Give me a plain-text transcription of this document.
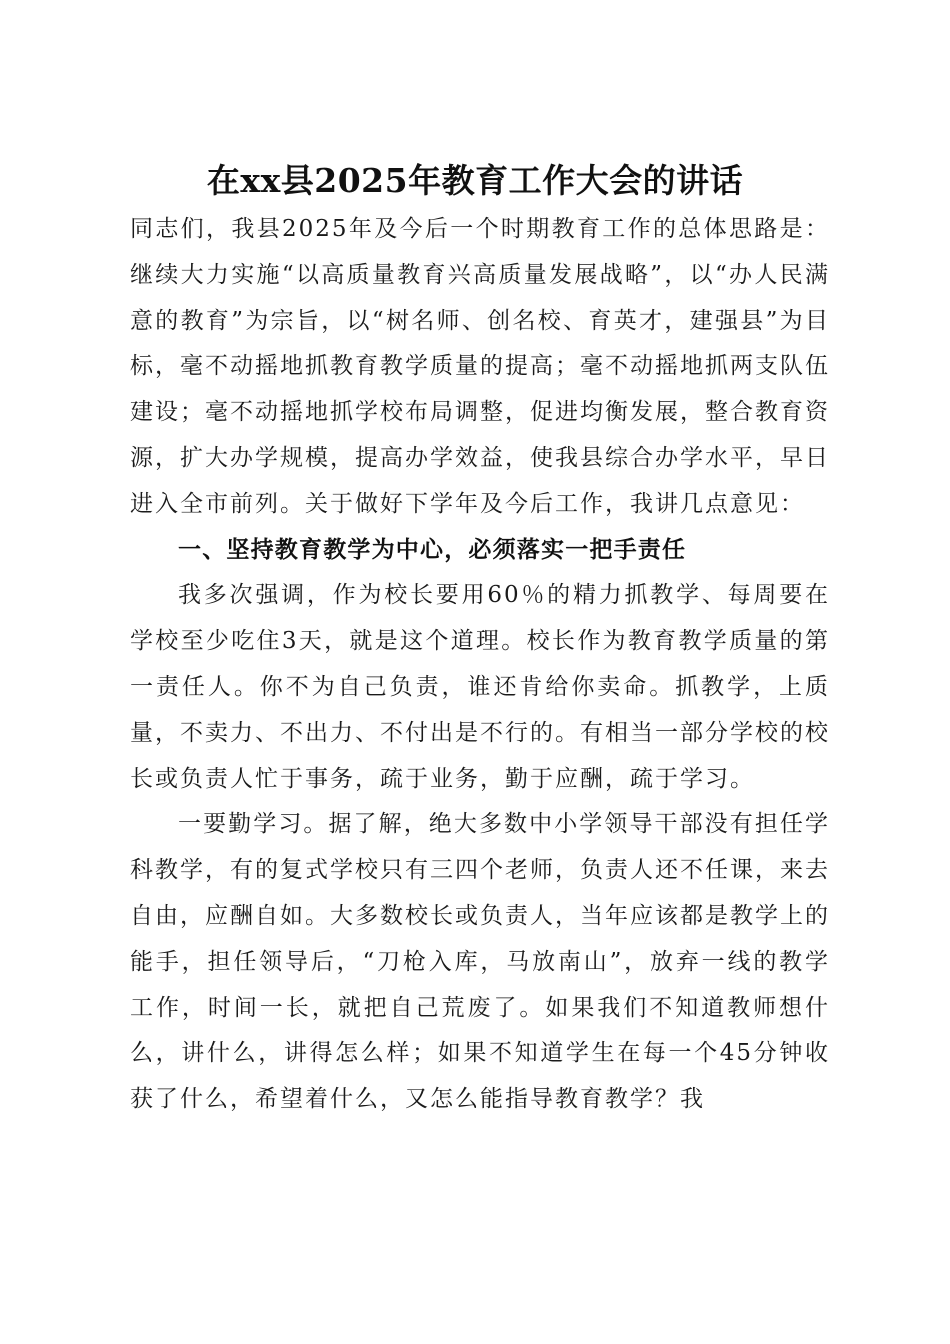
在xx县2025年教育工作大会的讲话

同志们，我县2025年及今后一个时期教育工作的总体思路是：继续大力实施“以高质量教育兴高质量发展战略”，以“办人民满意的教育”为宗旨，以“树名师、创名校、育英才，建强县”为目标，毫不动摇地抓教育教学质量的提高；毫不动摇地抓两支队伍建设；毫不动摇地抓学校布局调整，促进均衡发展，整合教育资源，扩大办学规模，提高办学效益，使我县综合办学水平，早日进入全市前列。关于做好下学年及今后工作，我讲几点意见：

一、坚持教育教学为中心，必须落实一把手责任

我多次强调，作为校长要用60％的精力抓教学、每周要在学校至少吃住3天，就是这个道理。校长作为教育教学质量的第一责任人。你不为自己负责，谁还肯给你卖命。抓教学，上质量，不卖力、不出力、不付出是不行的。有相当一部分学校的校长或负责人忙于事务，疏于业务，勤于应酬，疏于学习。

一要勤学习。据了解，绝大多数中小学领导干部没有担任学科教学，有的复式学校只有三四个老师，负责人还不任课，来去自由，应酬自如。大多数校长或负责人，当年应该都是教学上的能手，担任领导后，“刀枪入库，马放南山”，放弃一线的教学工作，时间一长，就把自己荒废了。如果我们不知道教师想什么，讲什么，讲得怎么样；如果不知道学生在每一个45分钟收获了什么，希望着什么，又怎么能指导教育教学？我
